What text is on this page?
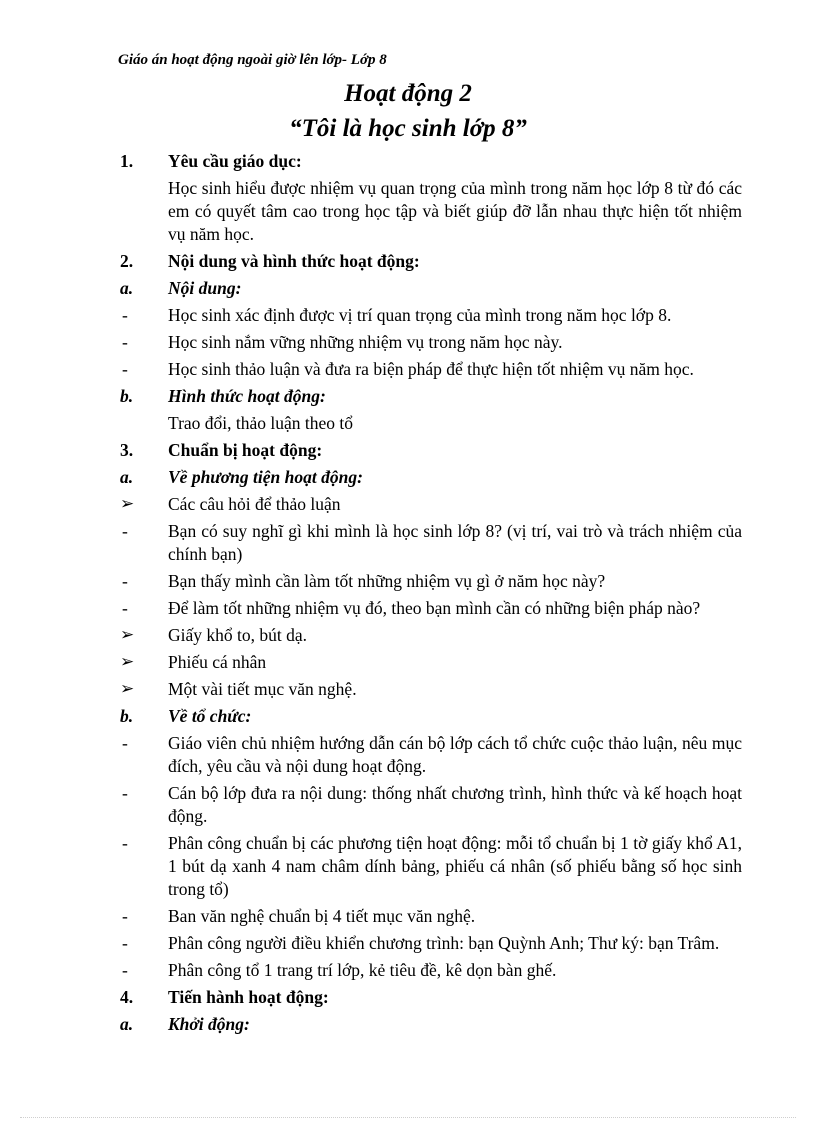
Giáo án hoạt động ngoài giờ lên lớp- Lớp 8
Hoạt động 2
“Tôi là học sinh lớp 8”
1. Yêu cầu giáo dục:
Học sinh hiểu được nhiệm vụ quan trọng của mình trong năm học lớp 8 từ đó các em có quyết tâm cao trong học tập và biết giúp đỡ lẫn nhau thực hiện tốt nhiệm vụ năm học.
2. Nội dung và hình thức hoạt động:
a. Nội dung:
- Học sinh xác định được vị trí quan trọng của mình trong năm học lớp 8.
- Học sinh nắm vững những nhiệm vụ trong năm học này.
- Học sinh thảo luận và đưa ra biện pháp để thực hiện tốt nhiệm vụ năm học.
b. Hình thức hoạt động:
Trao đổi, thảo luận theo tổ
3. Chuẩn bị hoạt động:
a. Về phương tiện hoạt động:
➢ Các câu hỏi để thảo luận
- Bạn có suy nghĩ gì khi mình là học sinh lớp 8? (vị trí, vai trò và trách nhiệm của chính bạn)
- Bạn thấy mình cần làm tốt những nhiệm vụ gì ở năm học này?
- Để làm tốt những nhiệm vụ đó, theo bạn mình cần có những biện pháp nào?
➢ Giấy khổ to, bút dạ.
➢ Phiếu cá nhân
➢ Một vài tiết mục văn nghệ.
b. Về tổ chức:
- Giáo viên chủ nhiệm hướng dẫn cán bộ lớp cách tổ chức cuộc thảo luận, nêu mục đích, yêu cầu và nội dung hoạt động.
- Cán bộ lớp đưa ra nội dung: thống nhất chương trình, hình thức và kế hoạch hoạt động.
- Phân công chuẩn bị các phương tiện hoạt động: mỗi tổ chuẩn bị 1 tờ giấy khổ A1, 1 bút dạ xanh 4 nam châm dính bảng, phiếu cá nhân (số phiếu bằng số học sinh trong tổ)
- Ban văn nghệ chuẩn bị 4 tiết mục văn nghệ.
- Phân công người điều khiển chương trình: bạn Quỳnh Anh; Thư ký: bạn Trâm.
- Phân công tổ 1 trang trí lớp, kẻ tiêu đề, kê dọn bàn ghế.
4. Tiến hành hoạt động:
a. Khởi động:
